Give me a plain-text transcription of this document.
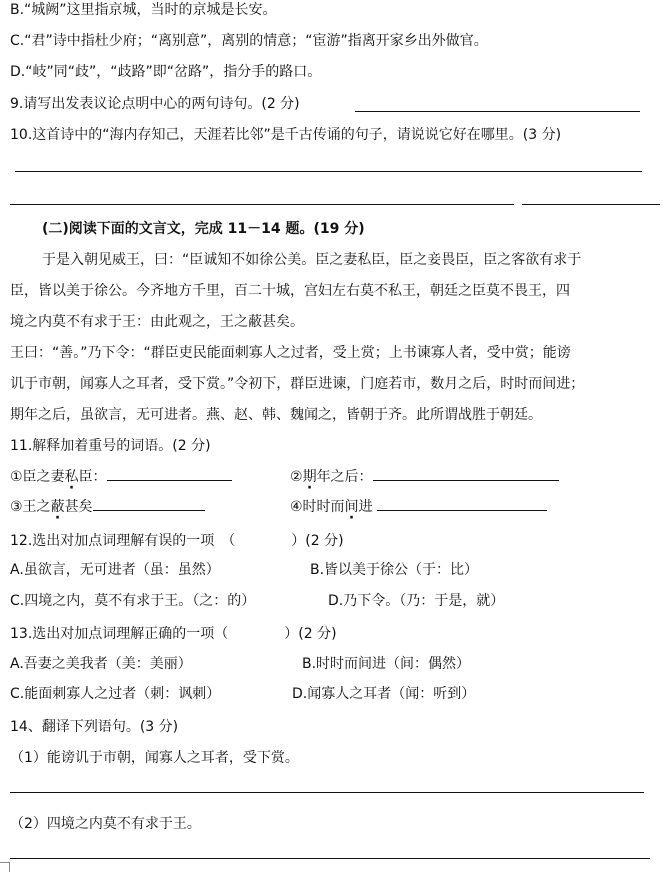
B.“城阙”这里指京城，当时的京城是长安。
C.“君”诗中指杜少府；“离别意”，离别的情意；“宦游”指离开家乡出外做官。
D.“岐”同“歧”，“歧路”即“岔路”，指分手的路口。
9.请写出发表议论点明中心的两句诗句。(2 分)
10.这首诗中的“海内存知己，天涯若比邻”是千古传诵的句子，请说说它好在哪里。(3 分)
(二)阅读下面的文言文，完成 11－14 题。(19 分)
于是入朝见威王，曰：“臣诚知不如徐公美。臣之妻私臣，臣之妾畏臣，臣之客欲有求于
臣，皆以美于徐公。今齐地方千里，百二十城，宫妇左右莫不私王，朝廷之臣莫不畏王，四
境之内莫不有求于王：由此观之，王之蔽甚矣。
王曰：“善。”乃下令：“群臣吏民能面刺寡人之过者，受上赏；上书谏寡人者，受中赏；能谤
讥于市朝，闻寡人之耳者，受下赏。”令初下，群臣进谏，门庭若市，数月之后，时时而间进；
期年之后，虽欲言，无可进者。燕、赵、韩、魏闻之，皆朝于齐。此所谓战胜于朝廷。
11.解释加着重号的词语。(2 分)
①臣之妻私臣：	②期年之后：
③王之蔽甚矣	④时时而间进
12.选出对加点词理解有误的一项　（　　　　）(2 分)
A.虽欲言，无可进者（虽：虽然）	B.皆以美于徐公（于：比）
C.四境之内，莫不有求于王。（之：的）	D.乃下令。（乃：于是，就）
13.选出对加点词理解正确的一项（　　　　）(2 分)
A.吾妻之美我者（美：美丽）	B.时时而间进（间：偶然）
C.能面刺寡人之过者（刺：讽刺）	D.闻寡人之耳者（闻：听到）
14、翻译下列语句。(3 分)
（1）能谤讥于市朝，闻寡人之耳者，受下赏。
（2）四境之内莫不有求于王。
